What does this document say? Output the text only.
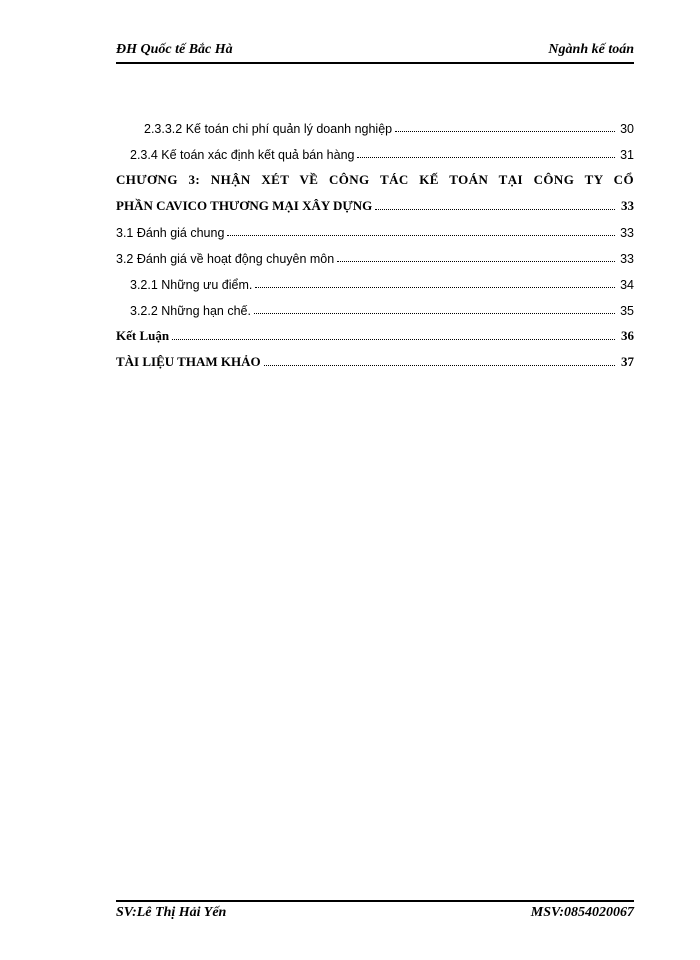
ĐH Quốc tế Bắc Hà	Ngành kế toán
2.3.3.2 Kế toán chi phí quản lý doanh nghiệp	30
2.3.4 Kế toán xác định kết quả bán hàng	31
CHƯƠNG 3: NHẬN XÉT VỀ CÔNG TÁC KẾ TOÁN TẠI CÔNG TY CỔ
PHẦN CAVICO THƯƠNG MẠI XÂY DỰNG	33
3.1 Đánh giá chung	33
3.2 Đánh giá về hoạt động chuyên môn	33
3.2.1 Những ưu điểm.	34
3.2.2 Những hạn chế.	35
Kết Luận	36
TÀI LIỆU THAM KHẢO	37
SV:Lê Thị Hải Yến	MSV:0854020067
